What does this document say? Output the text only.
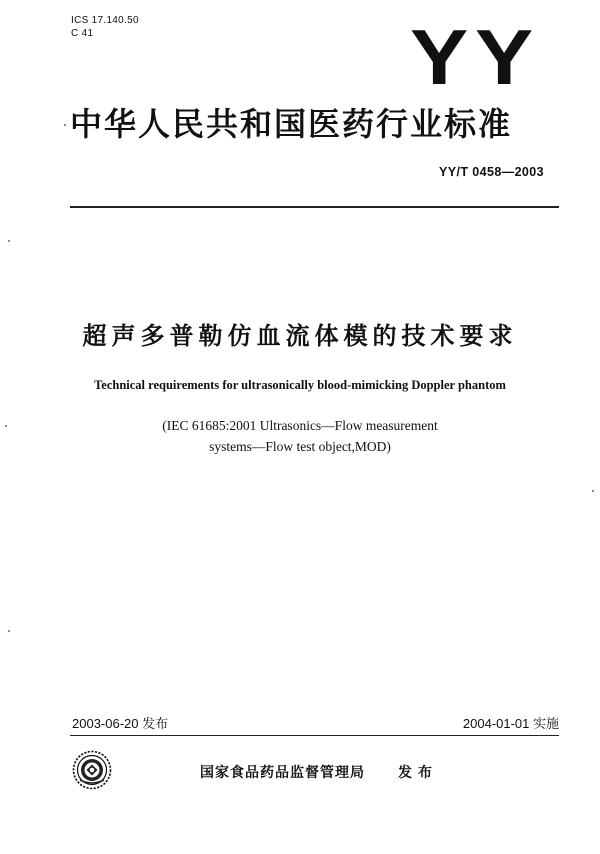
ICS 17.140.50
C 41	YY
中华人民共和国医药行业标准
YY/T 0458—2003
超声多普勒仿血流体模的技术要求
Technical requirements for ultrasonically blood-mimicking Doppler phantom
(IEC 61685:2001 Ultrasonics—Flow measurement
systems—Flow test object,MOD)
2003-06-20 发布	2004-01-01 实施
国家食品药品监督管理局 发布
